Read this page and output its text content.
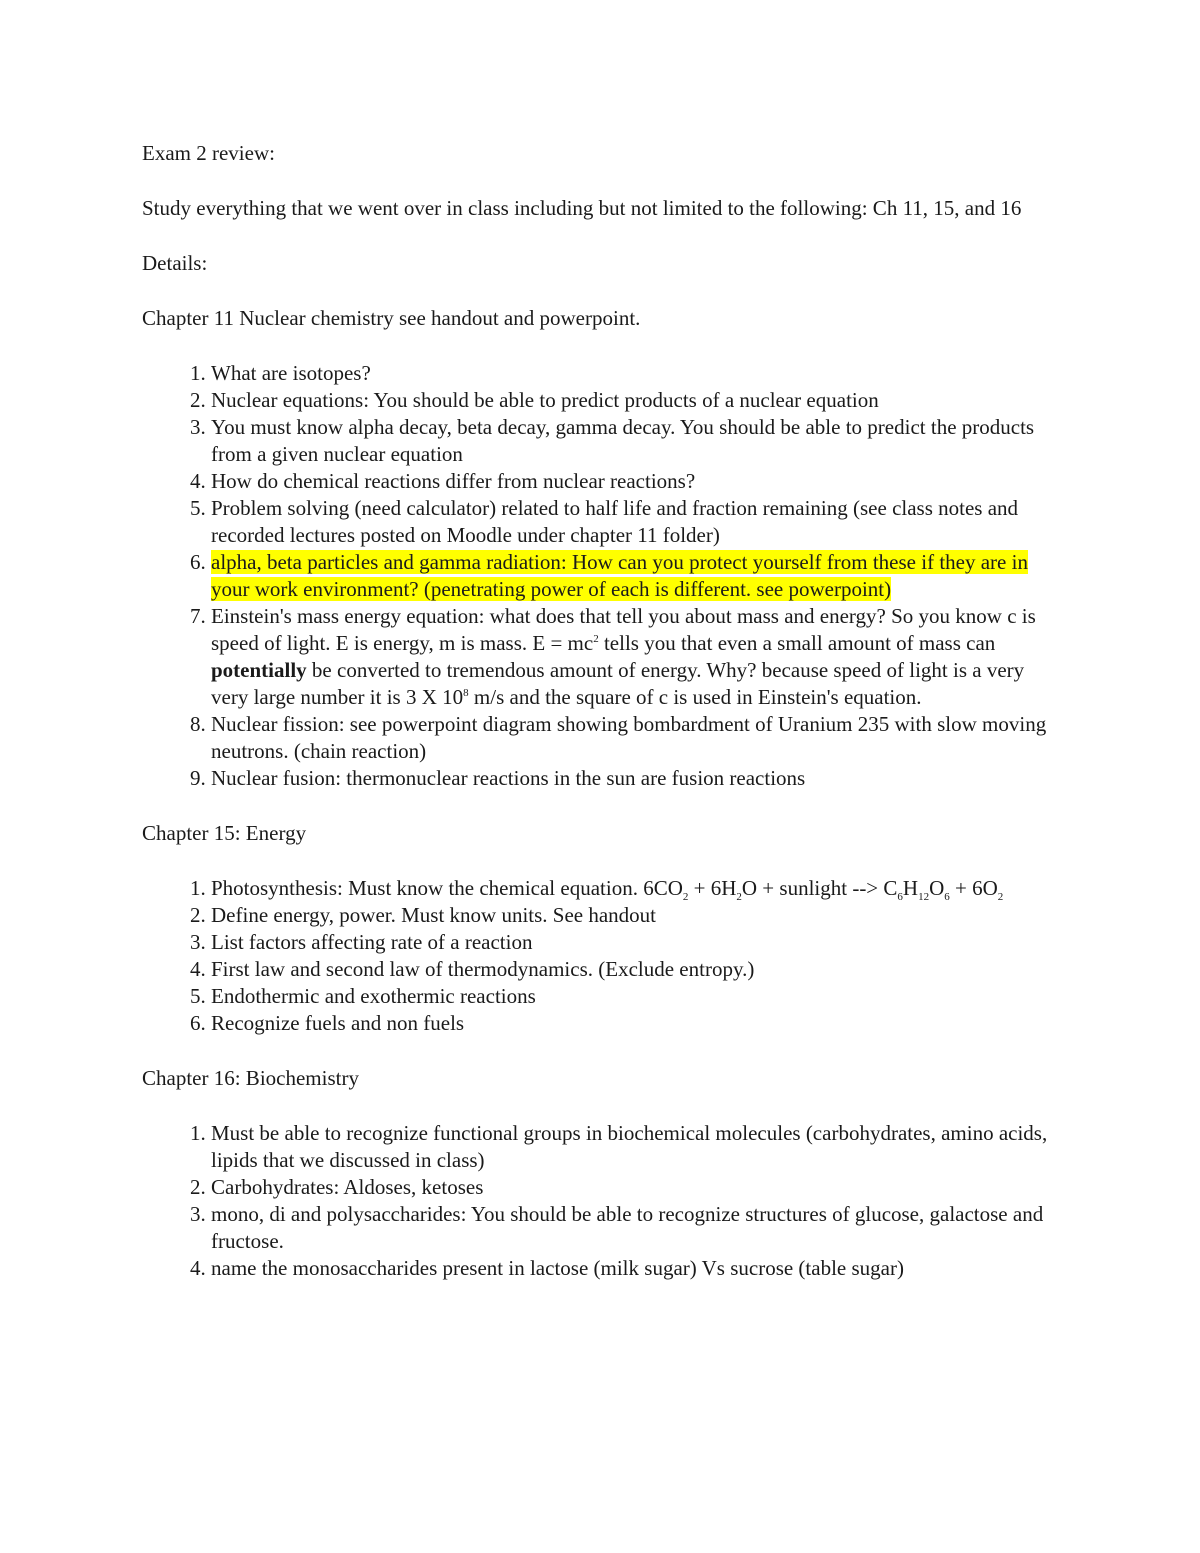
Exam 2 review:

Study everything that we went over in class including but not limited to the following: Ch 11, 15, and 16

Details:

Chapter 11 Nuclear chemistry see handout and powerpoint.

1. What are isotopes?
2. Nuclear equations: You should be able to predict products of a nuclear equation
3. You must know alpha decay, beta decay, gamma decay. You should be able to predict the products from a given nuclear equation
4. How do chemical reactions differ from nuclear reactions?
5. Problem solving (need calculator) related to half life and fraction remaining (see class notes and recorded lectures posted on Moodle under chapter 11 folder)
6. alpha, beta particles and gamma radiation: How can you protect yourself from these if they are in your work environment? (penetrating power of each is different. see powerpoint)
7. Einstein's mass energy equation: what does that tell you about mass and energy? So you know c is speed of light. E is energy, m is mass. $E = mc^2$ tells you that even a small amount of mass can potentially be converted to tremendous amount of energy. Why? because speed of light is a very very large number it is 3 X $10^8$ m/s and the square of c is used in Einstein's equation.
8. Nuclear fission: see powerpoint diagram showing bombardment of Uranium 235 with slow moving neutrons. (chain reaction)
9. Nuclear fusion: thermonuclear reactions in the sun are fusion reactions

Chapter 15: Energy

1. Photosynthesis: Must know the chemical equation. $6CO_2 + 6H_2O$ + sunlight --> $C_6H_{12}O_6 + 6O_2$
2. Define energy, power. Must know units. See handout
3. List factors affecting rate of a reaction
4. First law and second law of thermodynamics. (Exclude entropy.)
5. Endothermic and exothermic reactions
6. Recognize fuels and non fuels

Chapter 16: Biochemistry

1. Must be able to recognize functional groups in biochemical molecules (carbohydrates, amino acids, lipids that we discussed in class)
2. Carbohydrates: Aldoses, ketoses
3. mono, di and polysaccharides: You should be able to recognize structures of glucose, galactose and fructose.
4. name the monosaccharides present in lactose (milk sugar) Vs sucrose (table sugar)
